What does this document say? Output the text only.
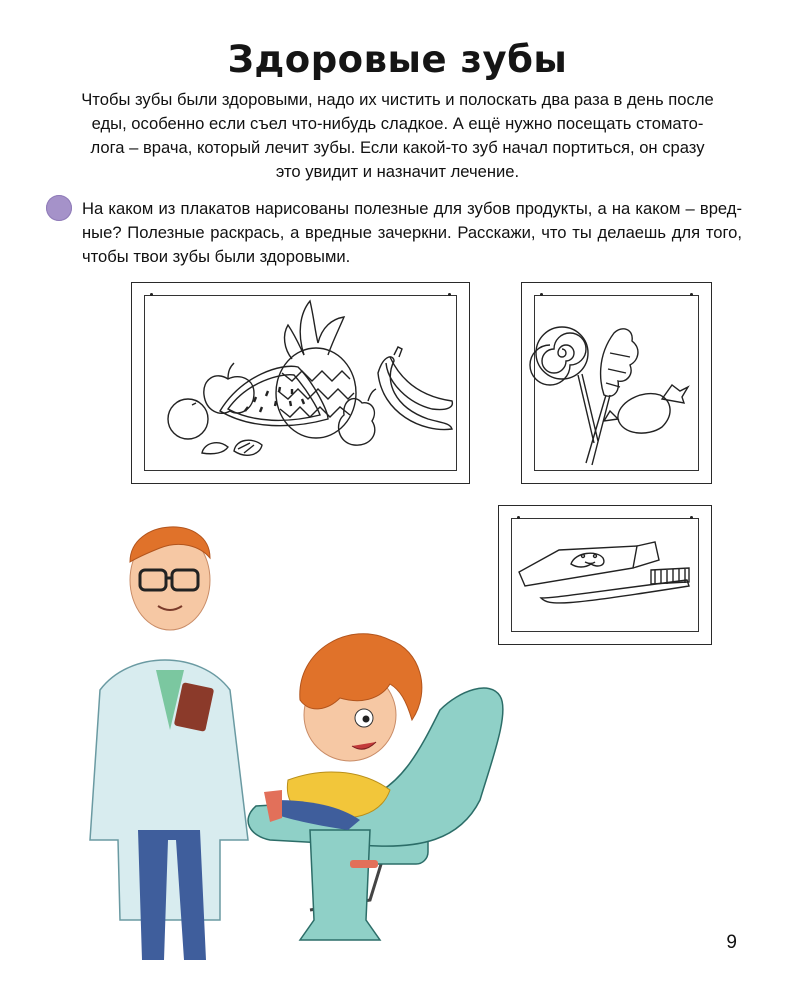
Здоровые зубы
Чтобы зубы были здоровыми, надо их чистить и полоскать два раза в день после
еды, особенно если съел что-нибудь сладкое. А ещё нужно посещать стомато-
лога – врача, который лечит зубы. Если какой-то зуб начал портиться, он сразу
это увидит и назначит лечение.
На каком из плакатов нарисованы полезные для зубов продукты, а на каком – вред-
ные? Полезные раскрась, а вредные зачеркни. Расскажи, что ты делаешь для того,
чтобы твои зубы были здоровыми.
9
